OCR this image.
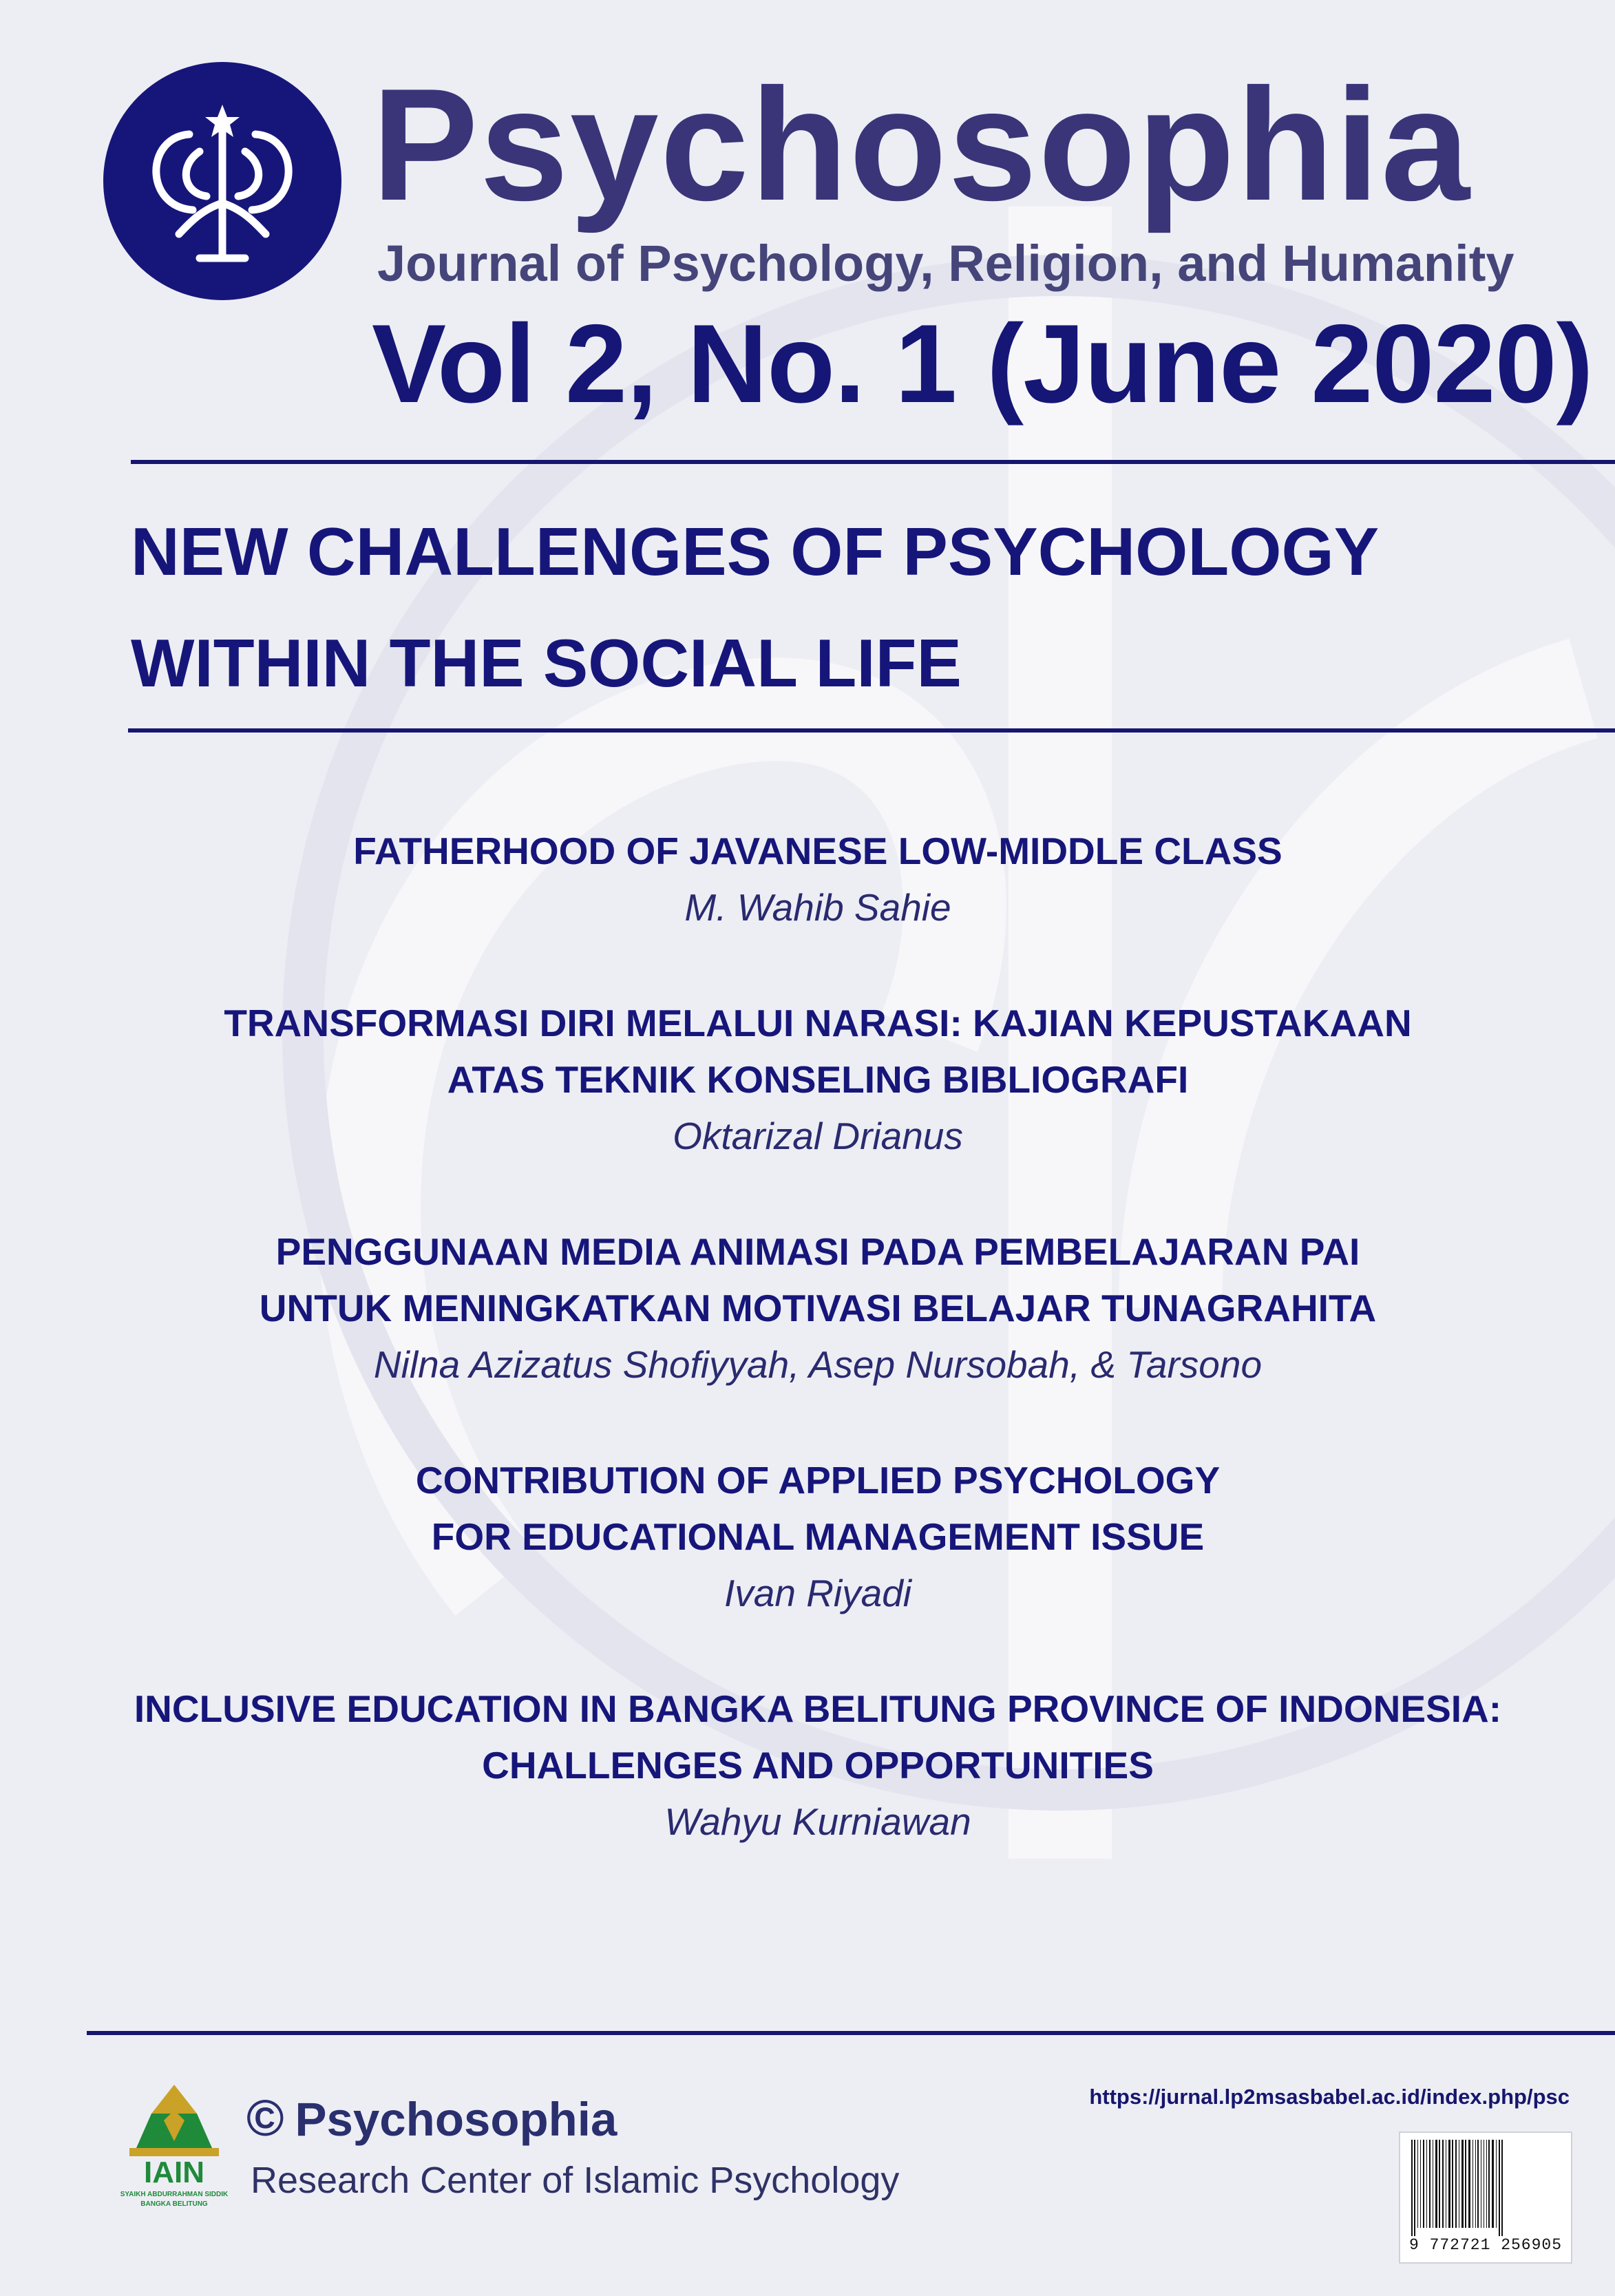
Psychosophia
Journal of Psychology, Religion, and Humanity
Vol 2, No. 1 (June 2020)
NEW CHALLENGES OF PSYCHOLOGY
WITHIN THE SOCIAL LIFE

FATHERHOOD OF JAVANESE LOW-MIDDLE CLASS

M. Wahib Sahie

TRANSFORMASI DIRI MELALUI NARASI: KAJIAN KEPUSTAKAAN

ATAS TEKNIK KONSELING BIBLIOGRAFI

Oktarizal Drianus

PENGGUNAAN MEDIA ANIMASI PADA PEMBELAJARAN PAI

UNTUK MENINGKATKAN MOTIVASI BELAJAR TUNAGRAHITA

Nilna Azizatus Shofiyyah, Asep Nursobah, & Tarsono

CONTRIBUTION OF APPLIED PSYCHOLOGY

FOR EDUCATIONAL MANAGEMENT ISSUE

Ivan Riyadi

INCLUSIVE EDUCATION IN BANGKA BELITUNG PROVINCE OF INDONESIA:

CHALLENGES AND OPPORTUNITIES

Wahyu Kurniawan

IAIN
SYAIKH ABDURRAHMAN SIDDIK
BANGKA BELITUNG
© Psychosophia
Research Center of Islamic Psychology
https://jurnal.lp2msasbabel.ac.id/index.php/psc
9 772721 256905
